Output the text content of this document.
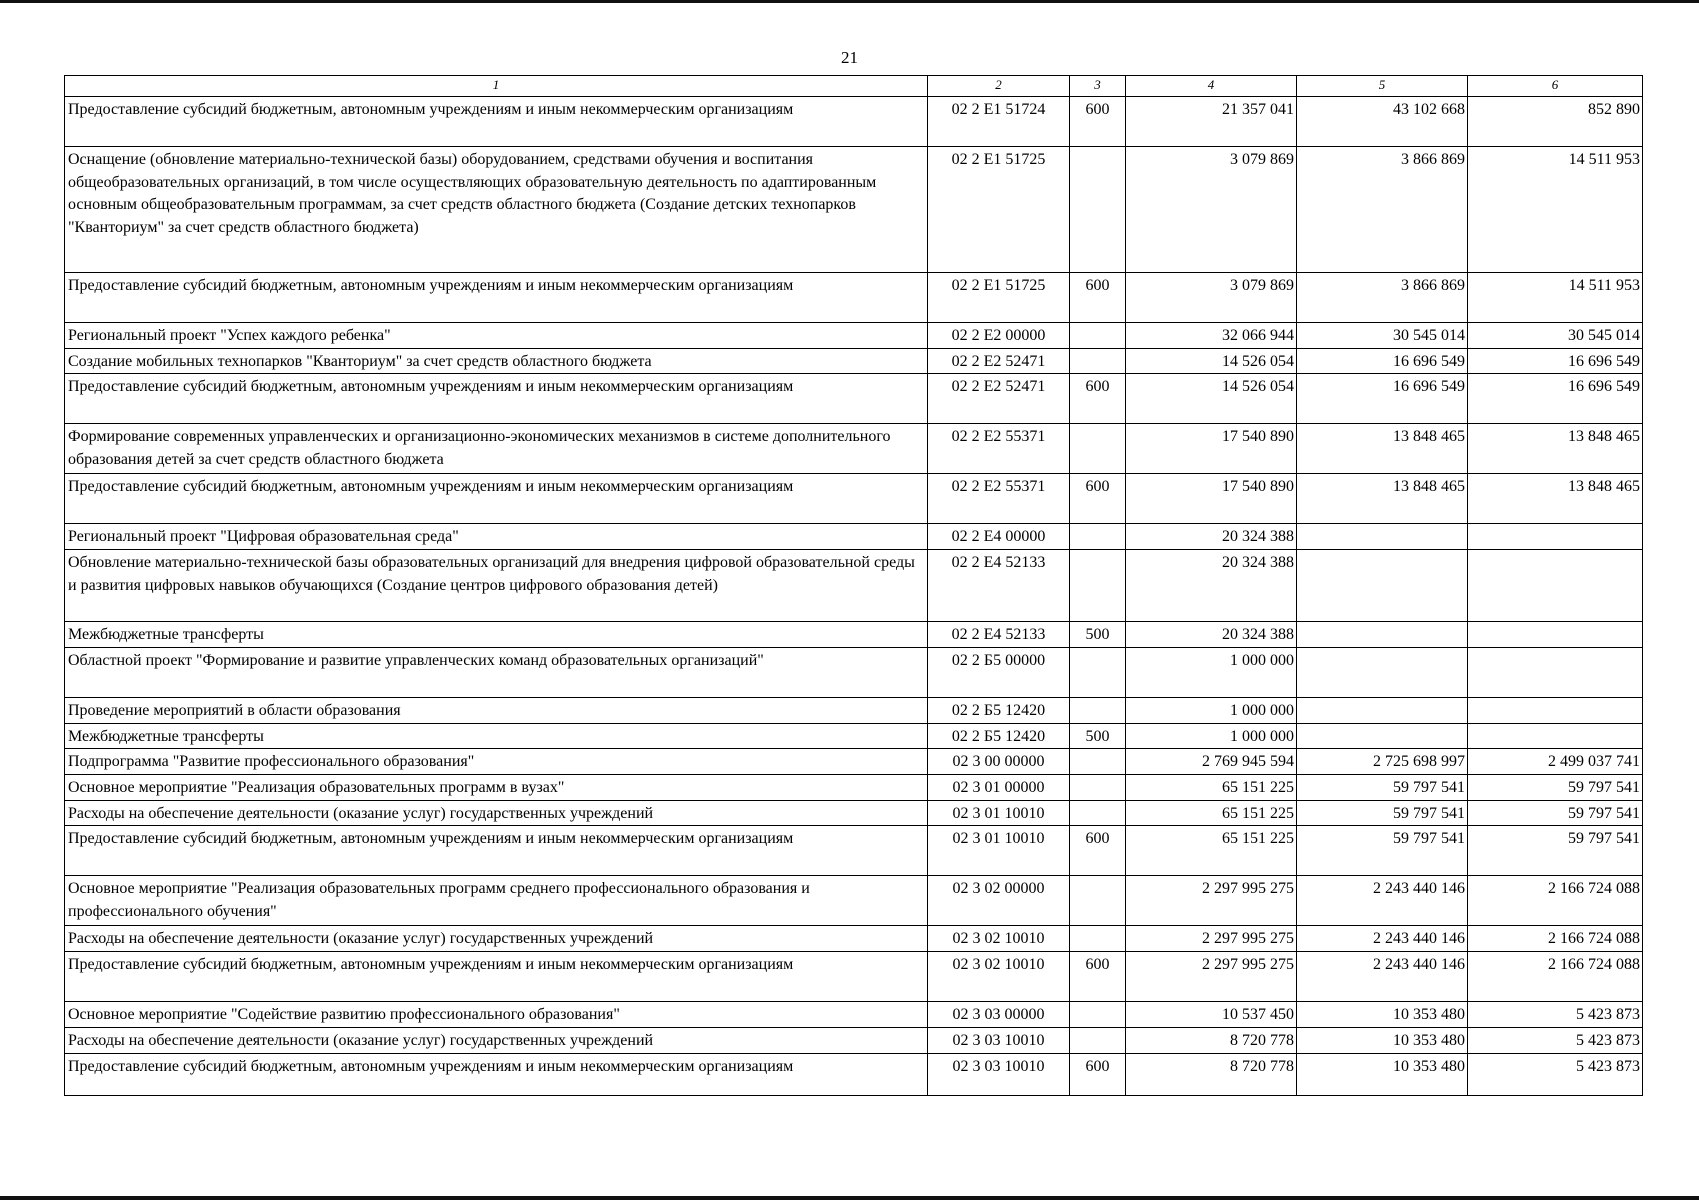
21
1	2	3	4	5	6
Предоставление субсидий бюджетным, автономным учреждениям и иным некоммерческим организациям	02 2 E1 51724	600	21 357 041	43 102 668	852 890
Оснащение (обновление материально-технической базы) оборудованием, средствами обучения и воспитания общеобразовательных организаций, в том числе осуществляющих образовательную деятельность по адаптированным основным общеобразовательным программам, за счет средств областного бюджета (Создание детских технопарков "Кванториум" за счет средств областного бюджета)	02 2 E1 51725		3 079 869	3 866 869	14 511 953
Предоставление субсидий бюджетным, автономным учреждениям и иным некоммерческим организациям	02 2 E1 51725	600	3 079 869	3 866 869	14 511 953
Региональный проект "Успех каждого ребенка"	02 2 E2 00000		32 066 944	30 545 014	30 545 014
Создание мобильных технопарков "Кванториум" за счет средств областного бюджета	02 2 E2 52471		14 526 054	16 696 549	16 696 549
Предоставление субсидий бюджетным, автономным учреждениям и иным некоммерческим организациям	02 2 E2 52471	600	14 526 054	16 696 549	16 696 549
Формирование современных управленческих и организационно-экономических механизмов в системе дополнительного образования детей за счет средств областного бюджета	02 2 E2 55371		17 540 890	13 848 465	13 848 465
Предоставление субсидий бюджетным, автономным учреждениям и иным некоммерческим организациям	02 2 E2 55371	600	17 540 890	13 848 465	13 848 465
Региональный проект "Цифровая образовательная среда"	02 2 E4 00000		20 324 388		
Обновление материально-технической базы образовательных организаций для внедрения цифровой образовательной среды и развития цифровых навыков обучающихся (Создание центров цифрового образования детей)	02 2 E4 52133		20 324 388		
Межбюджетные трансферты	02 2 E4 52133	500	20 324 388		
Областной проект "Формирование и развитие управленческих команд образовательных организаций"	02 2 Б5 00000		1 000 000		
Проведение мероприятий в области образования	02 2 Б5 12420		1 000 000		
Межбюджетные трансферты	02 2 Б5 12420	500	1 000 000		
Подпрограмма "Развитие профессионального образования"	02 3 00 00000		2 769 945 594	2 725 698 997	2 499 037 741
Основное мероприятие "Реализация образовательных программ в вузах"	02 3 01 00000		65 151 225	59 797 541	59 797 541
Расходы на обеспечение деятельности (оказание услуг) государственных учреждений	02 3 01 10010		65 151 225	59 797 541	59 797 541
Предоставление субсидий бюджетным, автономным учреждениям и иным некоммерческим организациям	02 3 01 10010	600	65 151 225	59 797 541	59 797 541
Основное мероприятие "Реализация образовательных программ среднего профессионального образования и профессионального обучения"	02 3 02 00000		2 297 995 275	2 243 440 146	2 166 724 088
Расходы на обеспечение деятельности (оказание услуг) государственных учреждений	02 3 02 10010		2 297 995 275	2 243 440 146	2 166 724 088
Предоставление субсидий бюджетным, автономным учреждениям и иным некоммерческим организациям	02 3 02 10010	600	2 297 995 275	2 243 440 146	2 166 724 088
Основное мероприятие "Содействие развитию профессионального образования"	02 3 03 00000		10 537 450	10 353 480	5 423 873
Расходы на обеспечение деятельности (оказание услуг) государственных учреждений	02 3 03 10010		8 720 778	10 353 480	5 423 873
Предоставление субсидий бюджетным, автономным учреждениям и иным некоммерческим организациям	02 3 03 10010	600	8 720 778	10 353 480	5 423 873
